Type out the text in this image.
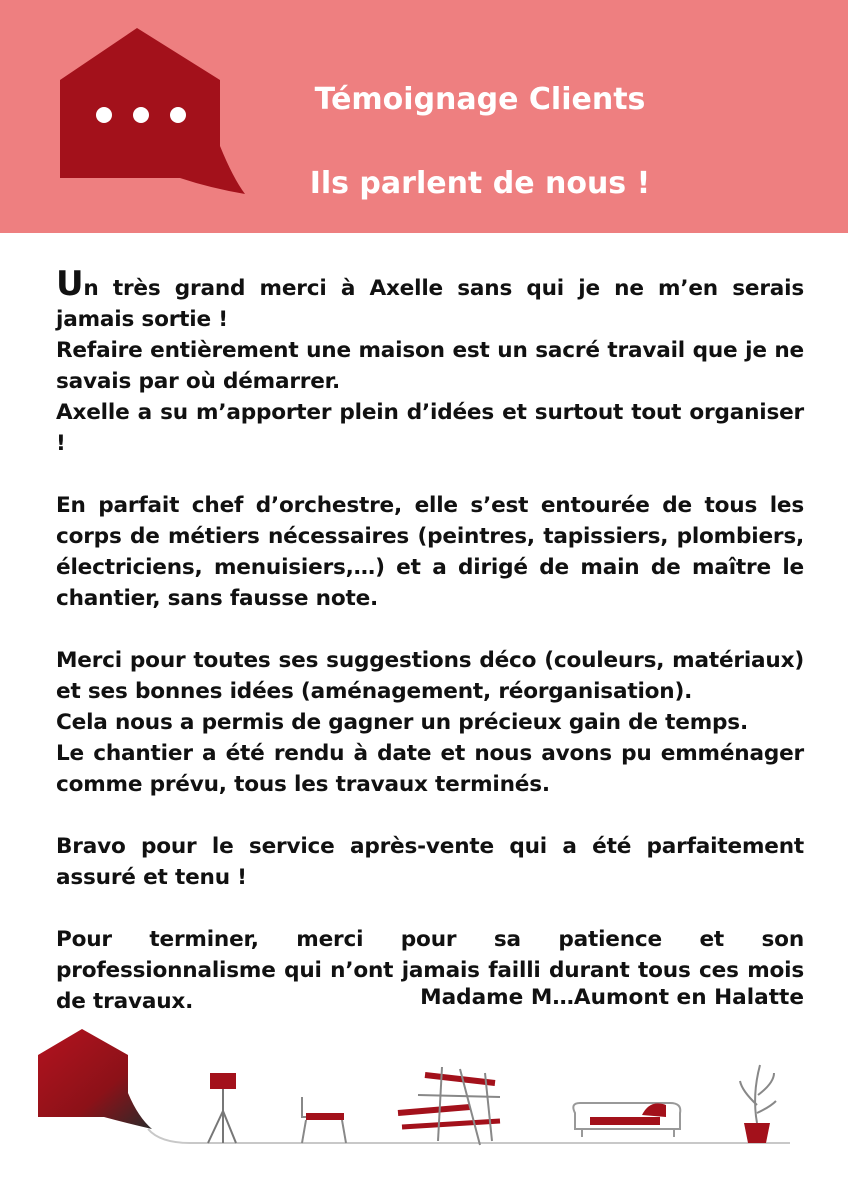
Témoignage Clients
Ils parlent de nous !

Un très grand merci à Axelle sans qui je ne m’en serais jamais sortie !
Refaire entièrement une maison est un sacré travail que je ne savais par où démarrer.
Axelle a su m’apporter plein d’idées et surtout tout organiser !

En parfait chef d’orchestre, elle s’est entourée de tous les corps de métiers nécessaires (peintres, tapissiers, plombiers, électriciens, menuisiers,…) et a dirigé de main de maître le chantier, sans fausse note.

Merci pour toutes ses suggestions déco (couleurs, matériaux) et ses bonnes idées (aménagement, réorganisation).
Cela nous a permis de gagner un précieux gain de temps.
Le chantier a été rendu à date et nous avons pu emménager comme prévu, tous les travaux terminés.

Bravo pour le service après-vente qui a été parfaitement assuré et tenu !

Pour terminer, merci pour sa patience et son professionnalisme qui n’ont jamais failli durant tous ces mois de travaux.	Madame M…Aumont en Halatte
